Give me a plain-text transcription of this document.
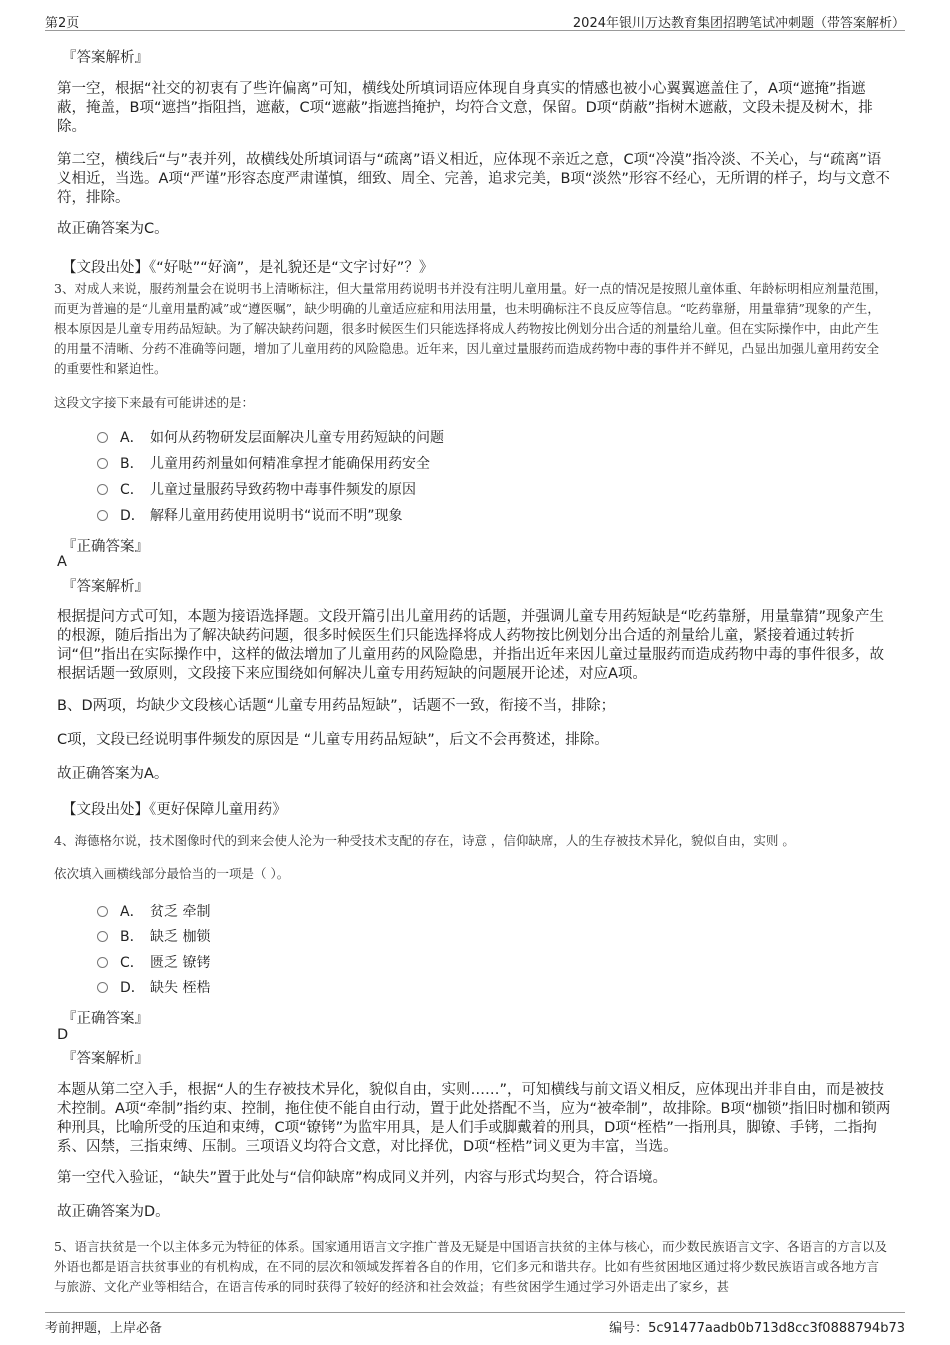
第2页	2024年银川万达教育集团招聘笔试冲刺题（带答案解析）
『答案解析』

第一空，根据“社交的初衷有了些许偏离”可知，横线处所填词语应体现自身真实的情感也被小心翼翼遮盖住了，A项“遮掩”指遮蔽，掩盖，B项“遮挡”指阻挡，遮蔽，C项“遮蔽”指遮挡掩护，均符合文意，保留。D项“荫蔽”指树木遮蔽，文段未提及树木，排除。

第二空，横线后“与”表并列，故横线处所填词语与“疏离”语义相近，应体现不亲近之意，C项“冷漠”指冷淡、不关心，与“疏离”语义相近，当选。A项“严谨”形容态度严肃谨慎，细致、周全、完善，追求完美，B项“淡然”形容不经心，无所谓的样子，均与文意不符，排除。

故正确答案为C。

【文段出处】《“好哒”“好滴”，是礼貌还是“文字讨好”？》

3、对成人来说，服药剂量会在说明书上清晰标注，但大量常用药说明书并没有注明儿童用量。好一点的情况是按照儿童体重、年龄标明相应剂量范围，而更为普遍的是“儿童用量酌减”或“遵医嘱”，缺少明确的儿童适应症和用法用量，也未明确标注不良反应等信息。“吃药靠掰，用量靠猜”现象的产生，根本原因是儿童专用药品短缺。为了解决缺药问题，很多时候医生们只能选择将成人药物按比例划分出合适的剂量给儿童。但在实际操作中，由此产生的用量不清晰、分药不准确等问题，增加了儿童用药的风险隐患。近年来，因儿童过量服药而造成药物中毒的事件并不鲜见，凸显出加强儿童用药安全的重要性和紧迫性。

这段文字接下来最有可能讲述的是：

A． 如何从药物研发层面解决儿童专用药短缺的问题
B． 儿童用药剂量如何精准拿捏才能确保用药安全
C． 儿童过量服药导致药物中毒事件频发的原因
D． 解释儿童用药使用说明书“说而不明”现象
『正确答案』
A
『答案解析』

根据提问方式可知，本题为接语选择题。文段开篇引出儿童用药的话题，并强调儿童专用药短缺是“吃药靠掰，用量靠猜”现象产生的根源，随后指出为了解决缺药问题，很多时候医生们只能选择将成人药物按比例划分出合适的剂量给儿童，紧接着通过转折词“但”指出在实际操作中，这样的做法增加了儿童用药的风险隐患，并指出近年来因儿童过量服药而造成药物中毒的事件很多，故根据话题一致原则，文段接下来应围绕如何解决儿童专用药短缺的问题展开论述，对应A项。

B、D两项，均缺少文段核心话题“儿童专用药品短缺”，话题不一致，衔接不当，排除；

C项，文段已经说明事件频发的原因是 “儿童专用药品短缺”，后文不会再赘述，排除。

故正确答案为A。

【文段出处】《更好保障儿童用药》

4、海德格尔说，技术图像时代的到来会使人沦为一种受技术支配的存在，诗意 ，信仰缺席，人的生存被技术异化，貌似自由，实则 。

依次填入画横线部分最恰当的一项是（ ）。

A． 贫乏 牵制
B． 缺乏 枷锁
C． 匮乏 镣铐
D． 缺失 桎梏
『正确答案』
D
『答案解析』

本题从第二空入手，根据“人的生存被技术异化，貌似自由，实则……”，可知横线与前文语义相反，应体现出并非自由，而是被技术控制。A项“牵制”指约束、控制，拖住使不能自由行动，置于此处搭配不当，应为“被牵制”，故排除。B项“枷锁”指旧时枷和锁两种刑具，比喻所受的压迫和束缚，C项“镣铐”为监牢用具，是人们手或脚戴着的刑具，D项“桎梏”一指刑具，脚镣、手铐，二指拘系、囚禁，三指束缚、压制。三项语义均符合文意，对比择优，D项“桎梏”词义更为丰富，当选。

第一空代入验证，“缺失”置于此处与“信仰缺席”构成同义并列，内容与形式均契合，符合语境。

故正确答案为D。

5、语言扶贫是一个以主体多元为特征的体系。国家通用语言文字推广普及无疑是中国语言扶贫的主体与核心，而少数民族语言文字、各语言的方言以及外语也都是语言扶贫事业的有机构成，在不同的层次和领域发挥着各自的作用，它们多元和谐共存。比如有些贫困地区通过将少数民族语言或各地方言与旅游、文化产业等相结合，在语言传承的同时获得了较好的经济和社会效益；有些贫困学生通过学习外语走出了家乡，甚

考前押题，上岸必备	编号：5c91477aadb0b713d8cc3f0888794b73
